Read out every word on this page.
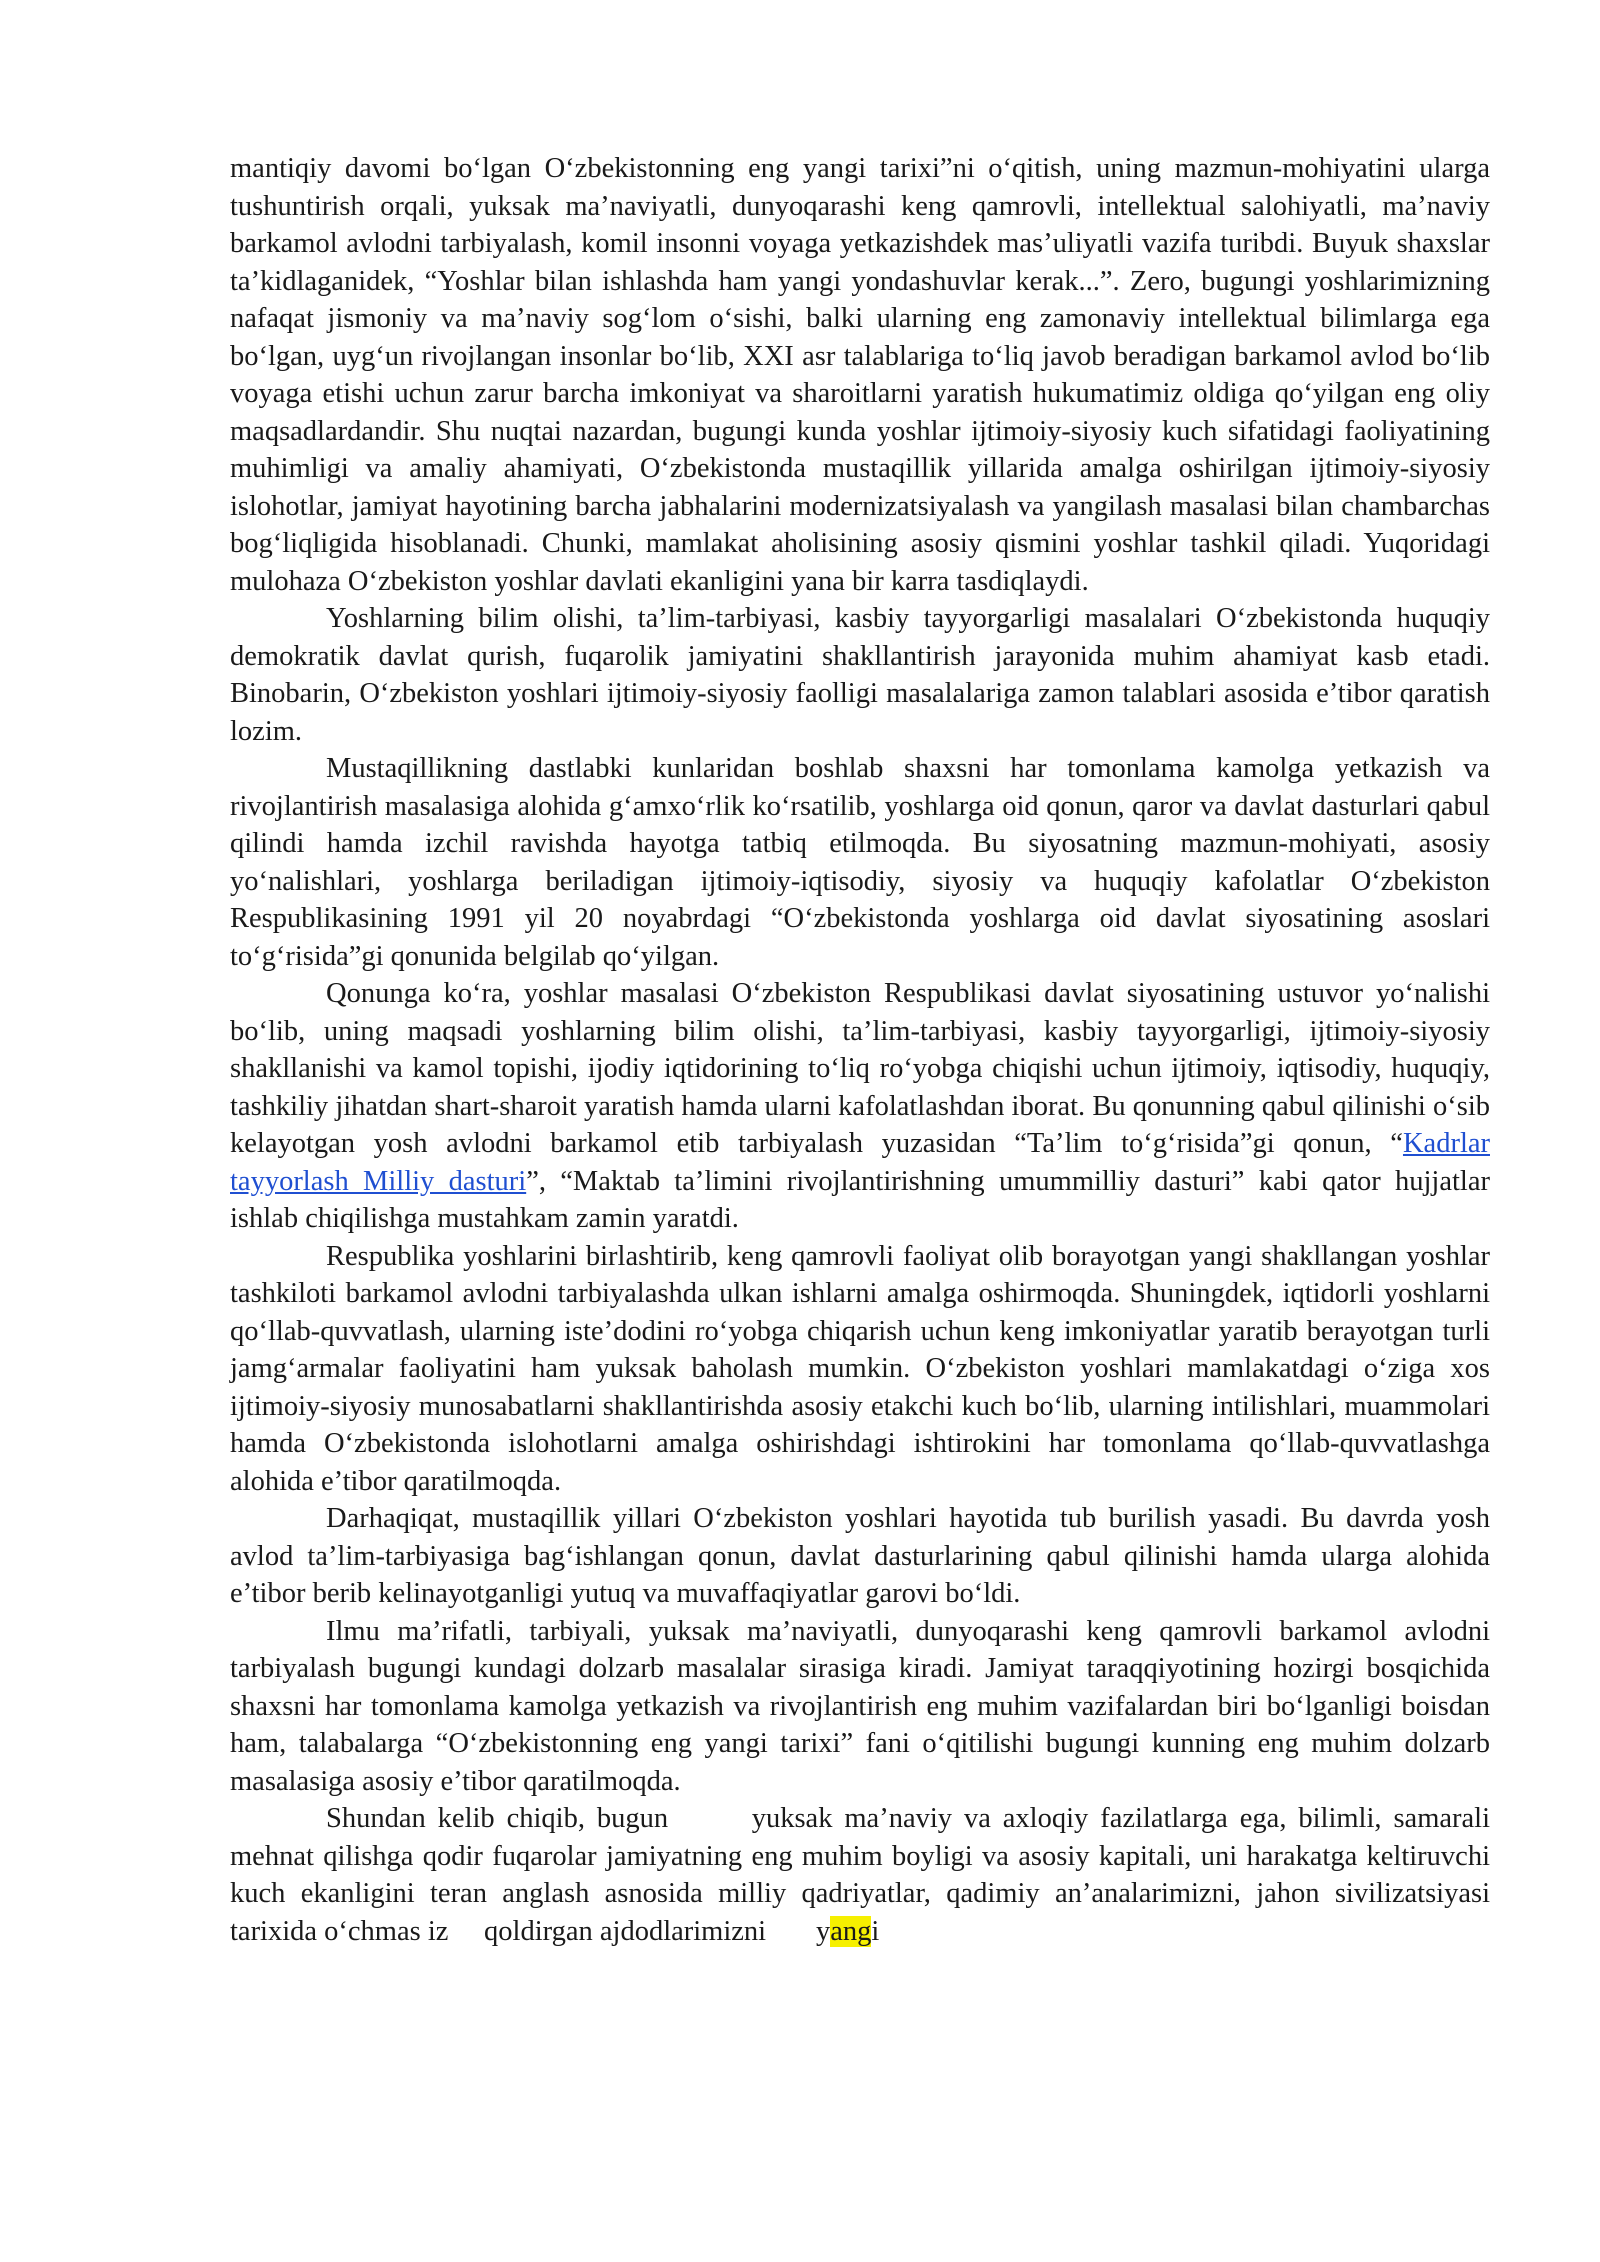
mantiqiy davomi bo‘lgan O‘zbekistonning eng yangi tarixi”ni o‘qitish, uning mazmun-mohiyatini ularga tushuntirish orqali, yuksak ma’naviyatli, dunyoqarashi keng qamrovli, intellektual salohiyatli, ma’naviy barkamol avlodni tarbiyalash, komil insonni voyaga yetkazishdek mas’uliyatli vazifa turibdi. Buyuk shaxslar ta’kidlaganidek, “Yoshlar bilan ishlashda ham yangi yondashuvlar kerak...”. Zero, bugungi yoshlarimizning nafaqat jismoniy va ma’naviy sog‘lom o‘sishi, balki ularning eng zamonaviy intellektual bilimlarga ega bo‘lgan, uyg‘un rivojlangan insonlar bo‘lib, XXI asr talablariga to‘liq javob beradigan barkamol avlod bo‘lib voyaga etishi uchun zarur barcha imkoniyat va sharoitlarni yaratish hukumatimiz oldiga qo‘yilgan eng oliy maqsadlardandir. Shu nuqtai nazardan, bugungi kunda yoshlar ijtimoiy-siyosiy kuch sifatidagi faoliyatining muhimligi va amaliy ahamiyati, O‘zbekistonda mustaqillik yillarida amalga oshirilgan ijtimoiy-siyosiy islohotlar, jamiyat hayotining barcha jabhalarini modernizatsiyalash va yangilash masalasi bilan chambarchas bog‘liqligida hisoblanadi. Chunki, mamlakat aholisining asosiy qismini yoshlar tashkil qiladi. Yuqoridagi mulohaza O‘zbekiston yoshlar davlati ekanligini yana bir karra tasdiqlaydi.

Yoshlarning bilim olishi, ta’lim-tarbiyasi, kasbiy tayyorgarligi masalalari O‘zbekistonda huquqiy demokratik davlat qurish, fuqarolik jamiyatini shakllantirish jarayonida muhim ahamiyat kasb etadi. Binobarin, O‘zbekiston yoshlari ijtimoiy-siyosiy faolligi masalalariga zamon talablari asosida e’tibor qaratish lozim.

Mustaqillikning dastlabki kunlaridan boshlab shaxsni har tomonlama kamolga yetkazish va rivojlantirish masalasiga alohida g‘amxo‘rlik ko‘rsatilib, yoshlarga oid qonun, qaror va davlat dasturlari qabul qilindi hamda izchil ravishda hayotga tatbiq etilmoqda. Bu siyosatning mazmun-mohiyati, asosiy yo‘nalishlari, yoshlarga beriladigan ijtimoiy-iqtisodiy, siyosiy va huquqiy kafolatlar O‘zbekiston Respublikasining 1991 yil 20 noyabrdagi “O‘zbekistonda yoshlarga oid davlat siyosatining asoslari to‘g‘risida”gi qonunida belgilab qo‘yilgan.

Qonunga ko‘ra, yoshlar masalasi O‘zbekiston Respublikasi davlat siyosatining ustuvor yo‘nalishi bo‘lib, uning maqsadi yoshlarning bilim olishi, ta’lim-tarbiyasi, kasbiy tayyorgarligi, ijtimoiy-siyosiy shakllanishi va kamol topishi, ijodiy iqtidorining to‘liq ro‘yobga chiqishi uchun ijtimoiy, iqtisodiy, huquqiy, tashkiliy jihatdan shart-sharoit yaratish hamda ularni kafolatlashdan iborat. Bu qonunning qabul qilinishi o‘sib kelayotgan yosh avlodni barkamol etib tarbiyalash yuzasidan “Ta’lim to‘g‘risida”gi qonun, “Kadrlar tayyorlash Milliy dasturi”, “Maktab ta’limini rivojlantirishning umummilliy dasturi” kabi qator hujjatlar ishlab chiqilishga mustahkam zamin yaratdi.

Respublika yoshlarini birlashtirib, keng qamrovli faoliyat olib borayotgan yangi shakllangan yoshlar tashkiloti barkamol avlodni tarbiyalashda ulkan ishlarni amalga oshirmoqda. Shuningdek, iqtidorli yoshlarni qo‘llab-quvvatlash, ularning iste’dodini ro‘yobga chiqarish uchun keng imkoniyatlar yaratib berayotgan turli jamg‘armalar faoliyatini ham yuksak baholash mumkin. O‘zbekiston yoshlari mamlakatdagi o‘ziga xos ijtimoiy-siyosiy munosabatlarni shakllantirishda asosiy etakchi kuch bo‘lib, ularning intilishlari, muammolari hamda O‘zbekistonda islohotlarni amalga oshirishdagi ishtirokini har tomonlama qo‘llab-quvvatlashga alohida e’tibor qaratilmoqda.

Darhaqiqat, mustaqillik yillari O‘zbekiston yoshlari hayotida tub burilish yasadi. Bu davrda yosh avlod ta’lim-tarbiyasiga bag‘ishlangan qonun, davlat dasturlarining qabul qilinishi hamda ularga alohida e’tibor berib kelinayotganligi yutuq va muvaffaqiyatlar garovi bo‘ldi.

Ilmu ma’rifatli, tarbiyali, yuksak ma’naviyatli, dunyoqarashi keng qamrovli barkamol avlodni tarbiyalash bugungi kundagi dolzarb masalalar sirasiga kiradi. Jamiyat taraqqiyotining hozirgi bosqichida shaxsni har tomonlama kamolga yetkazish va rivojlantirish eng muhim vazifalardan biri bo‘lganligi boisdan ham, talabalarga “O‘zbekistonning eng yangi tarixi” fani o‘qitilishi bugungi kunning eng muhim dolzarb masalasiga asosiy e’tibor qaratilmoqda.

Shundan kelib chiqib, bugun       yuksak ma’naviy va axloqiy fazilatlarga ega, bilimli, samarali mehnat qilishga qodir fuqarolar jamiyatning eng muhim boyligi va asosiy kapitali, uni harakatga keltiruvchi kuch ekanligini teran anglash asnosida milliy qadriyatlar, qadimiy an’analarimizni, jahon sivilizatsiyasi tarixida o‘chmas iz     qoldirgan ajdodlarimizni       yangi
